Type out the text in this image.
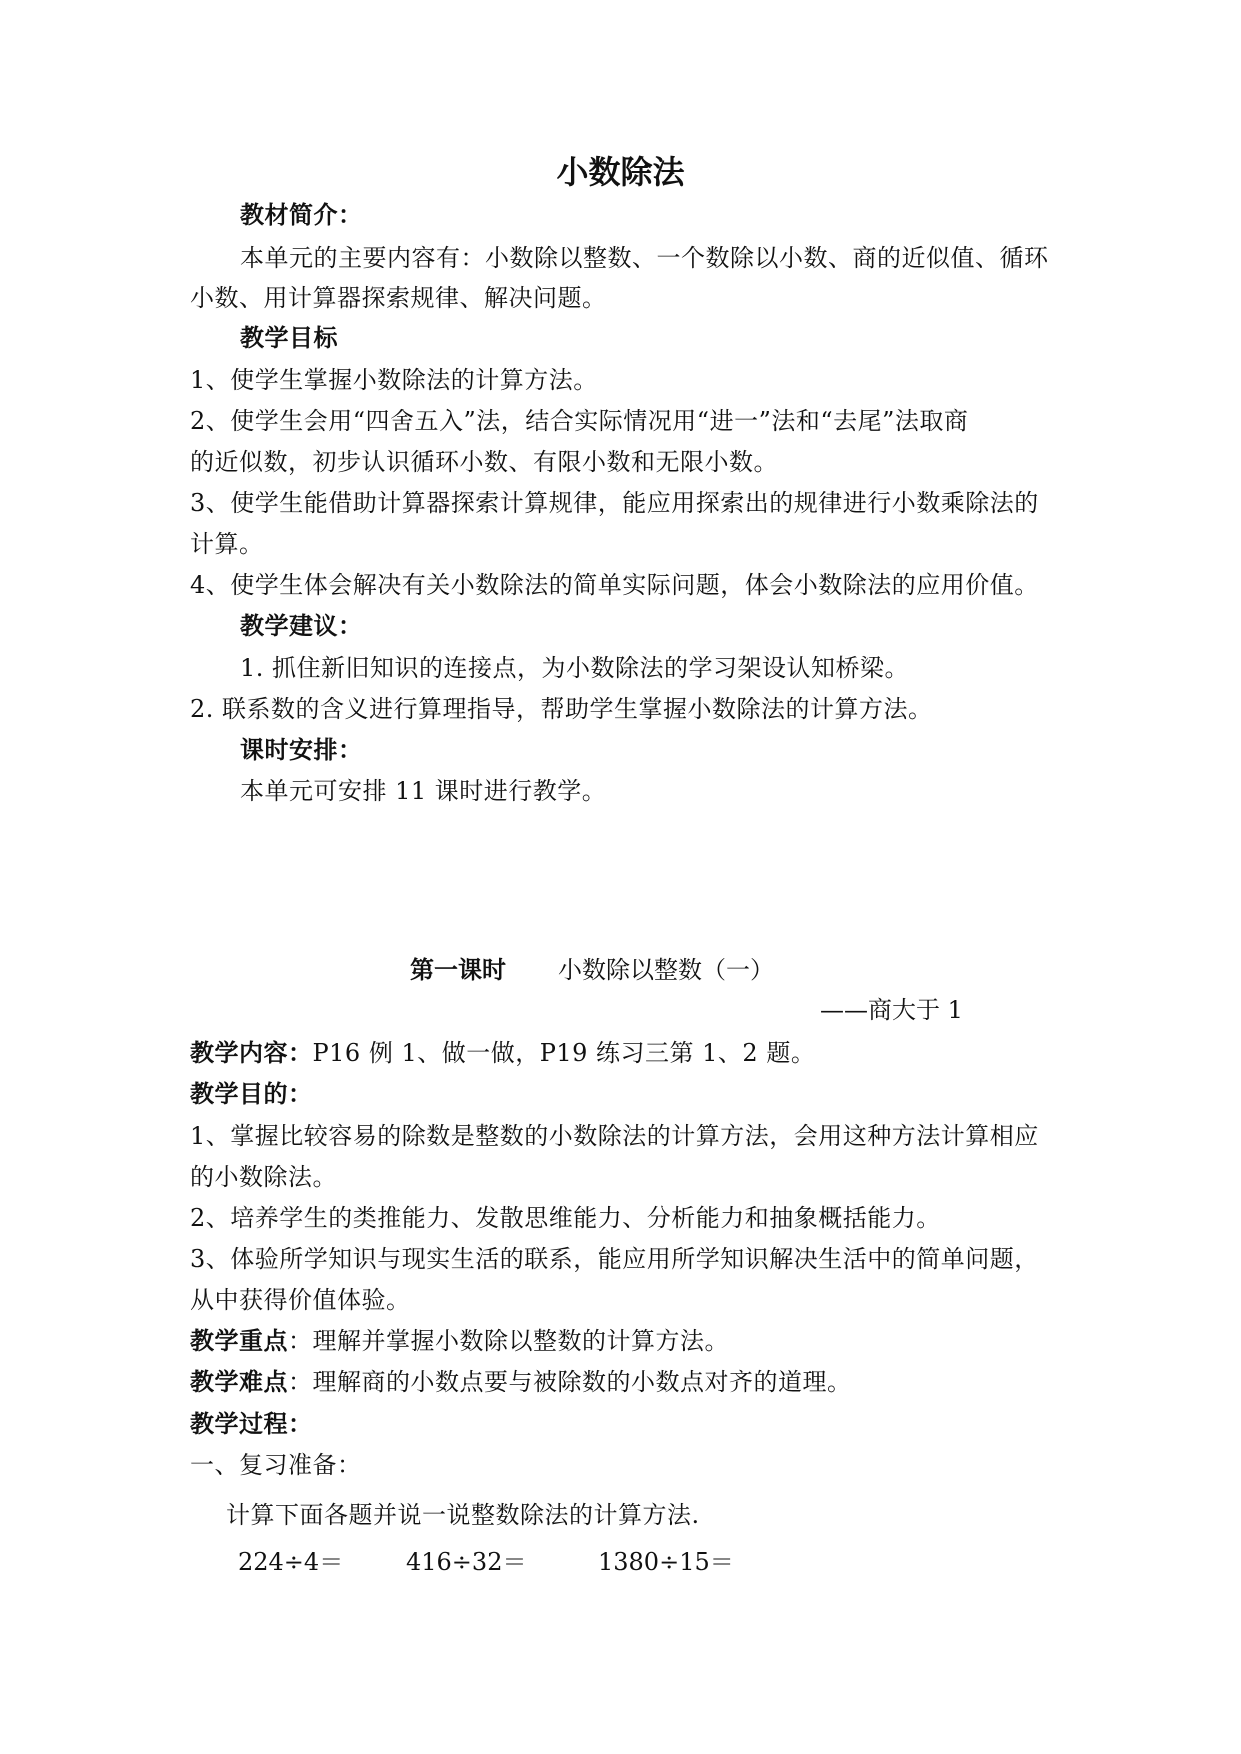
小数除法
教材简介：
本单元的主要内容有：小数除以整数、一个数除以小数、商的近似值、循环
小数、用计算器探索规律、解决问题。
教学目标
1、使学生掌握小数除法的计算方法。
2、使学生会用“四舍五入”法，结合实际情况用“进一”法和“去尾”法取商
的近似数，初步认识循环小数、有限小数和无限小数。
3、使学生能借助计算器探索计算规律，能应用探索出的规律进行小数乘除法的
计算。
4、使学生体会解决有关小数除法的简单实际问题，体会小数除法的应用价值。
教学建议：
1. 抓住新旧知识的连接点，为小数除法的学习架设认知桥梁。
2. 联系数的含义进行算理指导，帮助学生掌握小数除法的计算方法。
课时安排：
本单元可安排 11 课时进行教学。
第一课时 小数除以整数（一）
——商大于 1
教学内容：P16 例 1、做一做，P19 练习三第 1、2 题。
教学目的：
1、掌握比较容易的除数是整数的小数除法的计算方法，会用这种方法计算相应
的小数除法。
2、培养学生的类推能力、发散思维能力、分析能力和抽象概括能力。
3、体验所学知识与现实生活的联系，能应用所学知识解决生活中的简单问题，
从中获得价值体验。
教学重点：理解并掌握小数除以整数的计算方法。
教学难点：理解商的小数点要与被除数的小数点对齐的道理。
教学过程：
一、复习准备：
计算下面各题并说一说整数除法的计算方法.
224÷4＝	416÷32＝	1380÷15＝
